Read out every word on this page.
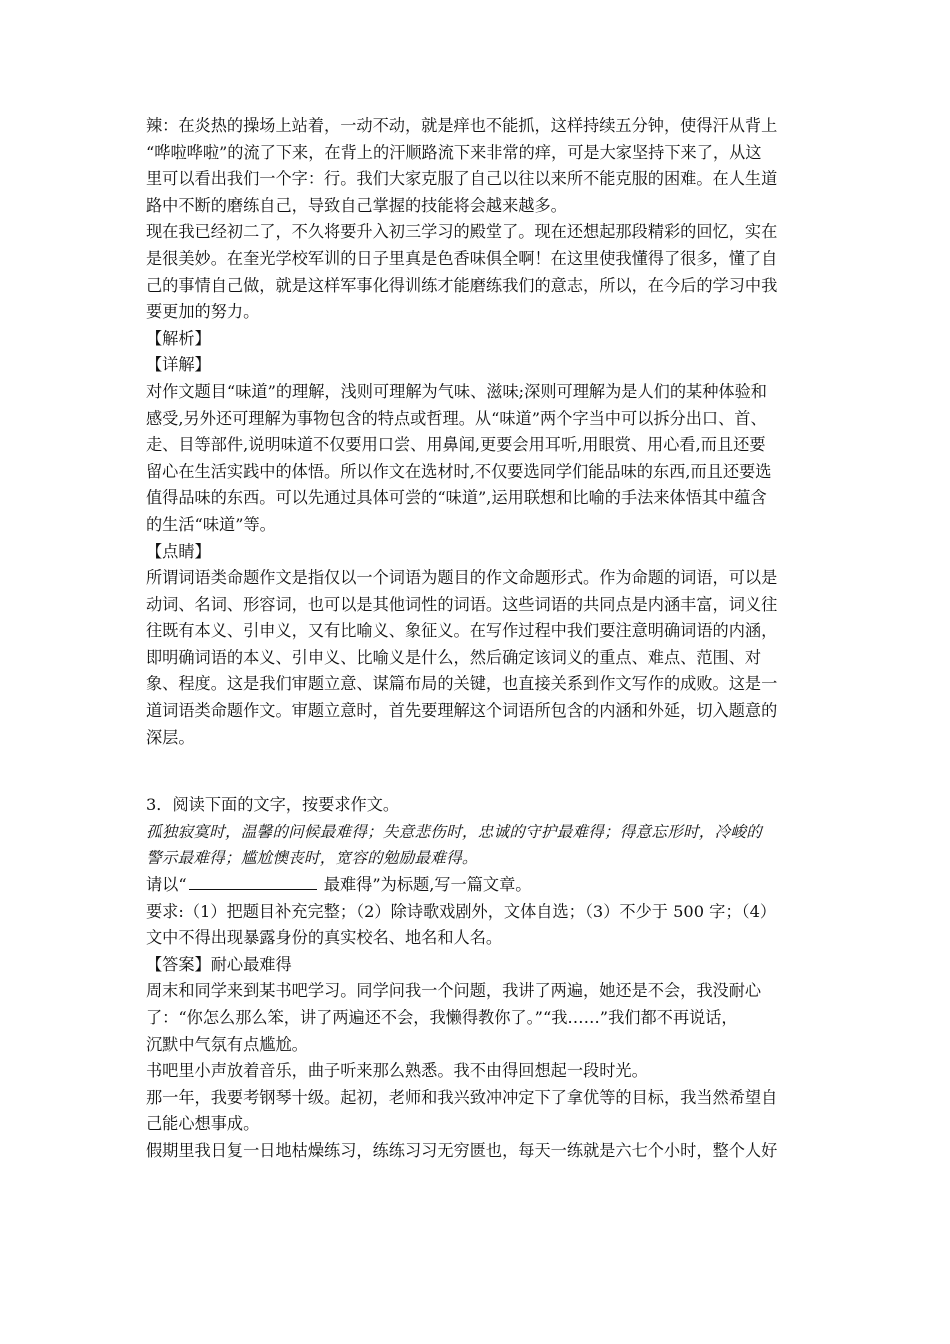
辣：在炎热的操场上站着，一动不动，就是痒也不能抓，这样持续五分钟，使得汗从背上

“哗啦哗啦”的流了下来，在背上的汗顺路流下来非常的痒，可是大家坚持下来了，从这

里可以看出我们一个字：行。我们大家克服了自己以往以来所不能克服的困难。在人生道

路中不断的磨练自己，导致自己掌握的技能将会越来越多。

现在我已经初二了，不久将要升入初三学习的殿堂了。现在还想起那段精彩的回忆，实在

是很美妙。在奎光学校军训的日子里真是色香味俱全啊！在这里使我懂得了很多，懂了自

己的事情自己做，就是这样军事化得训练才能磨练我们的意志，所以，在今后的学习中我

要更加的努力。

【解析】

【详解】

对作文题目“味道”的理解，浅则可理解为气味、滋味;深则可理解为是人们的某种体验和

感受,另外还可理解为事物包含的特点或哲理。从“味道”两个字当中可以拆分出口、首、

走、目等部件,说明味道不仅要用口尝、用鼻闻,更要会用耳听,用眼赏、用心看,而且还要

留心在生活实践中的体悟。所以作文在选材时,不仅要选同学们能品味的东西,而且还要选

值得品味的东西。可以先通过具体可尝的“味道”,运用联想和比喻的手法来体悟其中蕴含

的生活“味道”等。

【点睛】

所谓词语类命题作文是指仅以一个词语为题目的作文命题形式。作为命题的词语，可以是

动词、名词、形容词，也可以是其他词性的词语。这些词语的共同点是内涵丰富，词义往

往既有本义、引申义，又有比喻义、象征义。在写作过程中我们要注意明确词语的内涵，

即明确词语的本义、引申义、比喻义是什么，然后确定该词义的重点、难点、范围、对

象、程度。这是我们审题立意、谋篇布局的关键，也直接关系到作文写作的成败。这是一

道词语类命题作文。审题立意时，首先要理解这个词语所包含的内涵和外延，切入题意的

深层。

3．阅读下面的文字，按要求作文。

孤独寂寞时，温馨的问候最难得；失意悲伤时，忠诚的守护最难得；得意忘形时，冷峻的

警示最难得；尴尬懊丧时，宽容的勉励最难得。

请以“	最难得”为标题,写一篇文章。

要求:（1）把题目补充完整；（2）除诗歌戏剧外，文体自选；（3）不少于 500 字；（4）

文中不得出现暴露身份的真实校名、地名和人名。

【答案】耐心最难得

周末和同学来到某书吧学习。同学问我一个问题，我讲了两遍，她还是不会，我没耐心

了：“你怎么那么笨，讲了两遍还不会，我懒得教你了。”“我……”我们都不再说话，

沉默中气氛有点尴尬。

书吧里小声放着音乐，曲子听来那么熟悉。我不由得回想起一段时光。

那一年，我要考钢琴十级。起初，老师和我兴致冲冲定下了拿优等的目标，我当然希望自

己能心想事成。

假期里我日复一日地枯燥练习，练练习习无穷匮也，每天一练就是六七个小时，整个人好
